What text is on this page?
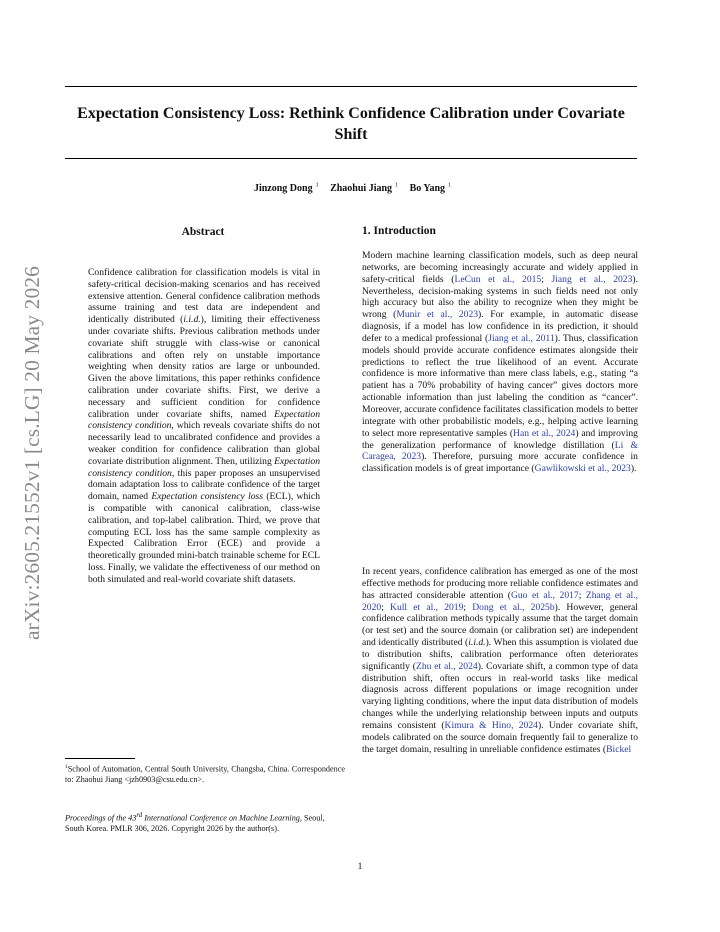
arXiv:2605.21552v1 [cs.LG] 20 May 2026
Expectation Consistency Loss: Rethink Confidence Calibration under Covariate Shift
Jinzong Dong $^1$ Zhaohui Jiang $^1$ Bo Yang $^1$
Abstract

Confidence calibration for classification models is vital in safety-critical decision-making scenarios and has received extensive attention. General confidence calibration methods assume training and test data are independent and identically distributed (i.i.d.), limiting their effectiveness under covariate shifts. Previous calibration methods under covariate shift struggle with class-wise or canonical calibrations and often rely on unstable importance weighting when density ratios are large or unbounded. Given the above limitations, this paper rethinks confidence calibration under covariate shifts. First, we derive a necessary and sufficient condition for confidence calibration under covariate shifts, named Expectation consistency condition, which reveals covariate shifts do not necessarily lead to uncalibrated confidence and provides a weaker condition for confidence calibration than global covariate distribution alignment. Then, utilizing Expectation consistency condition, this paper proposes an unsupervised domain adaptation loss to calibrate confidence of the target domain, named Expectation consistency loss (ECL), which is compatible with canonical calibration, class-wise calibration, and top-label calibration. Third, we prove that computing ECL loss has the same sample complexity as Expected Calibration Error (ECE) and provide a theoretically grounded mini-batch trainable scheme for ECL loss. Finally, we validate the effectiveness of our method on both simulated and real-world covariate shift datasets.

$^1$School of Automation, Central South University, Changsha, China. Correspondence to: Zhaohui Jiang <jzh0903@csu.edu.cn>.

Proceedings of the 43rd International Conference on Machine Learning, Seoul, South Korea. PMLR 306, 2026. Copyright 2026 by the author(s).

1. Introduction

Modern machine learning classification models, such as deep neural networks, are becoming increasingly accurate and widely applied in safety-critical fields (LeCun et al., 2015; Jiang et al., 2023). Nevertheless, decision-making systems in such fields need not only high accuracy but also the ability to recognize when they might be wrong (Munir et al., 2023). For example, in automatic disease diagnosis, if a model has low confidence in its prediction, it should defer to a medical professional (Jiang et al., 2011). Thus, classification models should provide accurate confidence estimates alongside their predictions to reflect the true likelihood of an event. Accurate confidence is more informative than mere class labels, e.g., stating “a patient has a 70% probability of having cancer” gives doctors more actionable information than just labeling the condition as “cancer”. Moreover, accurate confidence facilitates classification models to better integrate with other probabilistic models, e.g., helping active learning to select more representative samples (Han et al., 2024) and improving the generalization performance of knowledge distillation (Li & Caragea, 2023). Therefore, pursuing more accurate confidence in classification models is of great importance (Gawlikowski et al., 2023).

In recent years, confidence calibration has emerged as one of the most effective methods for producing more reliable confidence estimates and has attracted considerable attention (Guo et al., 2017; Zhang et al., 2020; Kull et al., 2019; Dong et al., 2025b). However, general confidence calibration methods typically assume that the target domain (or test set) and the source domain (or calibration set) are independent and identically distributed (i.i.d.). When this assumption is violated due to distribution shifts, calibration performance often deteriorates significantly (Zhu et al., 2024). Covariate shift, a common type of data distribution shift, often occurs in real-world tasks like medical diagnosis across different populations or image recognition under varying lighting conditions, where the input data distribution of models changes while the underlying relationship between inputs and outputs remains consistent (Kimura & Hino, 2024). Under covariate shift, models calibrated on the source domain frequently fail to generalize to the target domain, resulting in unreliable confidence estimates (Bickel

1
